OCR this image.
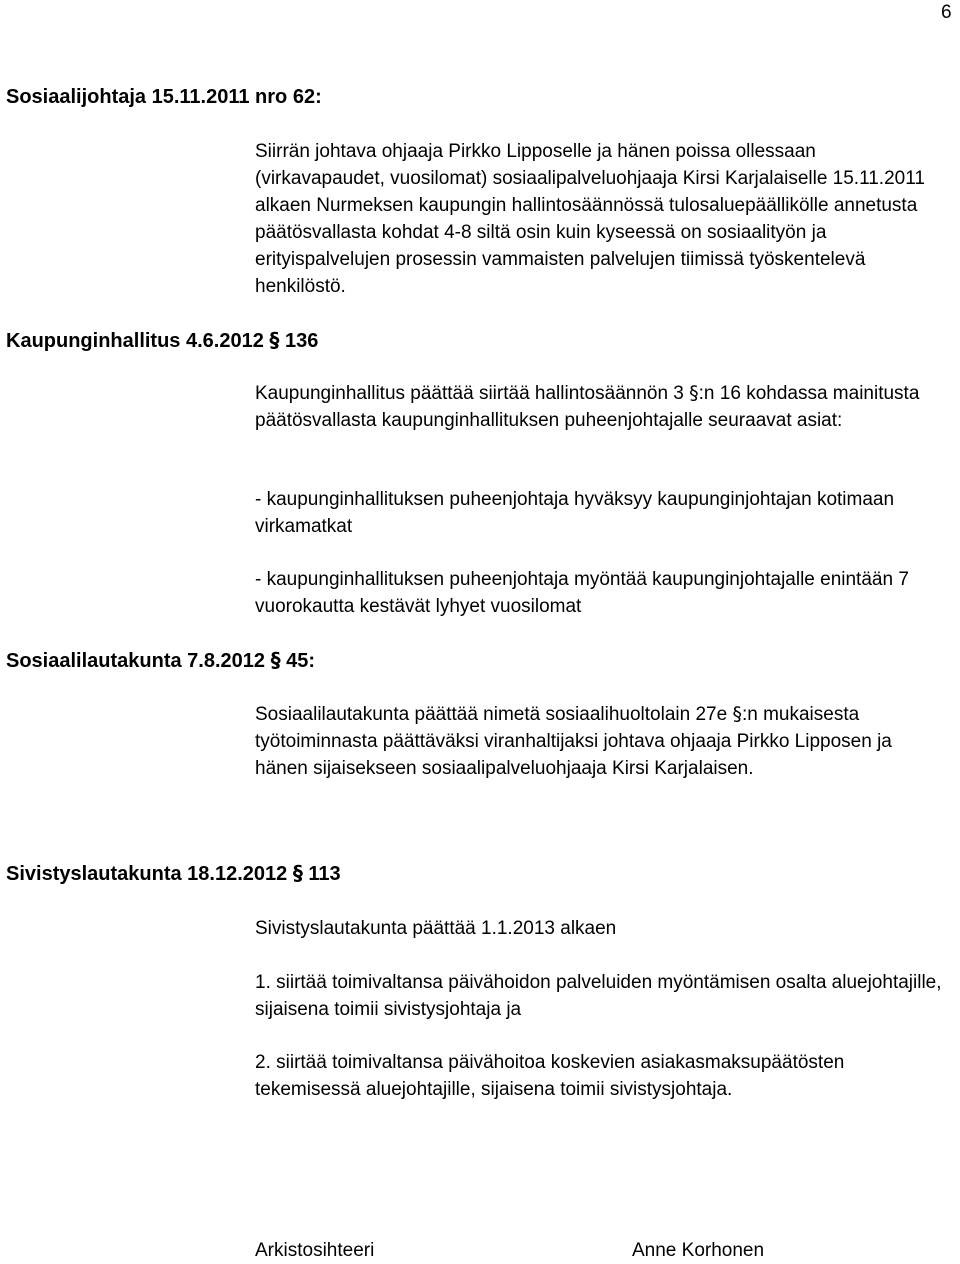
6
Sosiaalijohtaja 15.11.2011 nro 62:

Siirrän johtava ohjaaja Pirkko Lipposelle ja hänen poissa ollessaan (virkavapaudet, vuosilomat) sosiaalipalveluohjaaja Kirsi Karjalaiselle 15.11.2011 alkaen Nurmeksen kaupungin hallintosäännössä tulosaluepäällikölle annetusta päätösvallasta kohdat 4-8 siltä osin kuin kyseessä on sosiaalityön ja erityispalvelujen prosessin vammaisten palvelujen tiimissä työskentelevä henkilöstö.

Kaupunginhallitus 4.6.2012 § 136

Kaupunginhallitus päättää siirtää hallintosäännön 3 §:n 16 kohdassa mainitusta päätösvallasta kaupunginhallituksen puheenjohtajalle seuraavat asiat:

- kaupunginhallituksen puheenjohtaja hyväksyy kaupunginjohtajan kotimaan virkamatkat

- kaupunginhallituksen puheenjohtaja myöntää kaupunginjohtajalle enintään 7 vuorokautta kestävät lyhyet vuosilomat

Sosiaalilautakunta 7.8.2012 § 45:

Sosiaalilautakunta päättää nimetä sosiaalihuoltolain 27e §:n mukaisesta työtoiminnasta päättäväksi viranhaltijaksi johtava ohjaaja Pirkko Lipposen ja hänen sijaisekseen sosiaalipalveluohjaaja Kirsi Karjalaisen.

Sivistyslautakunta 18.12.2012 § 113

Sivistyslautakunta päättää 1.1.2013 alkaen

1. siirtää toimivaltansa päivähoidon palveluiden myöntämisen osalta aluejohtajille, sijaisena toimii sivistysjohtaja ja

2. siirtää toimivaltansa päivähoitoa koskevien asiakasmaksupäätösten tekemisessä aluejohtajille, sijaisena toimii sivistysjohtaja.

Arkistosihteeri	Anne Korhonen
